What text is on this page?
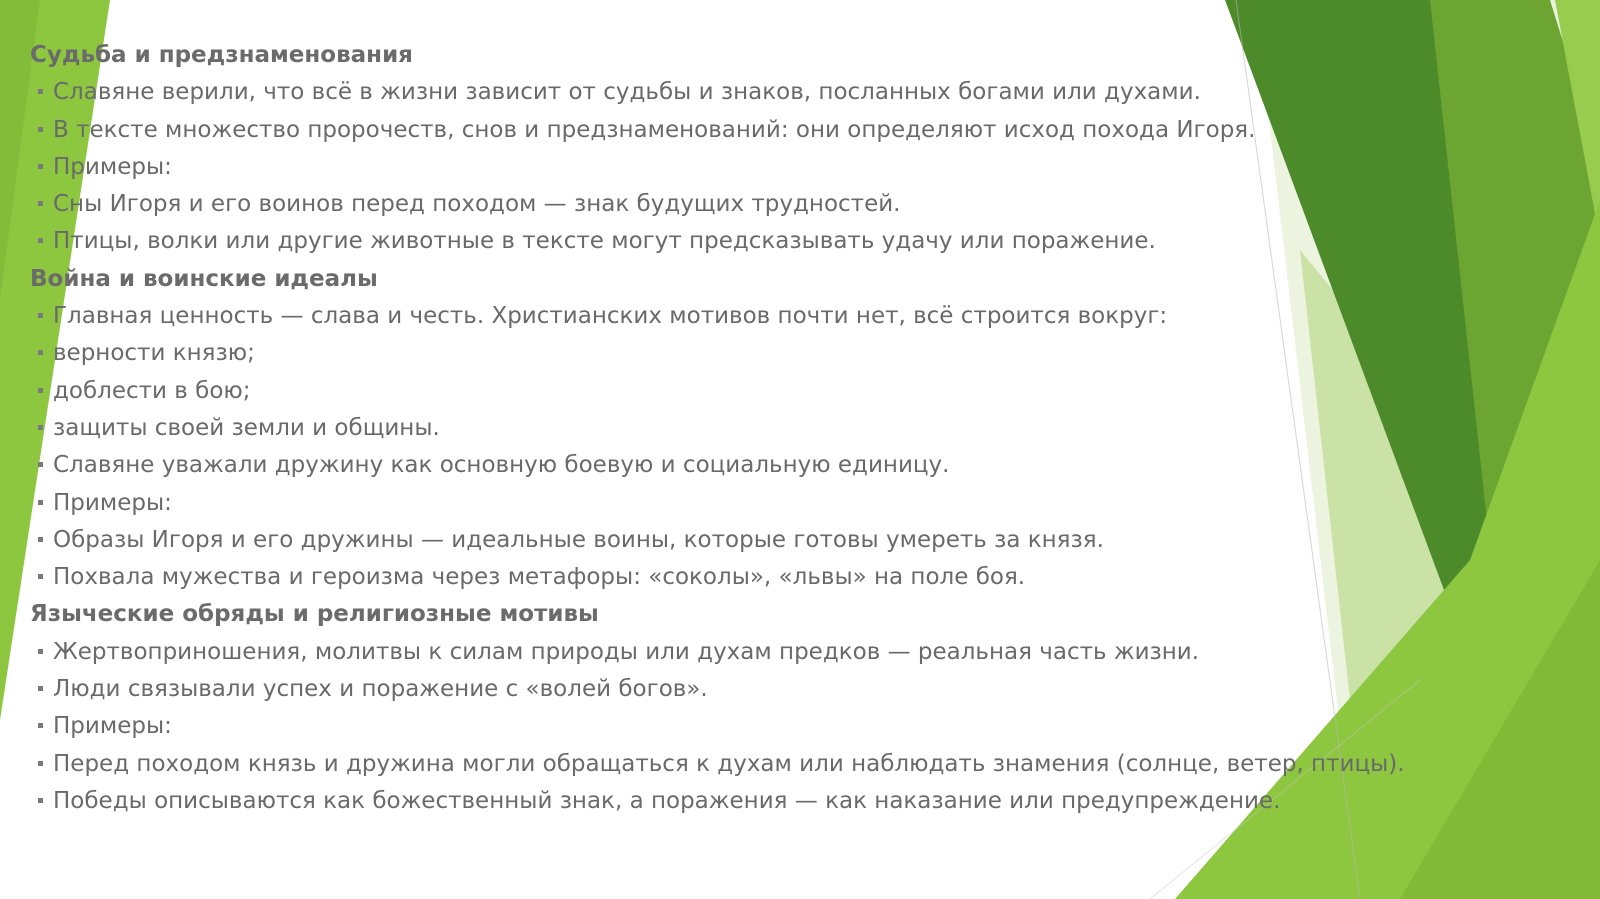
Судьба и предзнаменования
Славяне верили, что всё в жизни зависит от судьбы и знаков, посланных богами или духами.
В тексте множество пророчеств, снов и предзнаменований: они определяют исход похода Игоря.
Примеры:
Сны Игоря и его воинов перед походом — знак будущих трудностей.
Птицы, волки или другие животные в тексте могут предсказывать удачу или поражение.
Война и воинские идеалы
Главная ценность — слава и честь. Христианских мотивов почти нет, всё строится вокруг:
верности князю;
доблести в бою;
защиты своей земли и общины.
Славяне уважали дружину как основную боевую и социальную единицу.
Примеры:
Образы Игоря и его дружины — идеальные воины, которые готовы умереть за князя.
Похвала мужества и героизма через метафоры: «соколы», «львы» на поле боя.
Языческие обряды и религиозные мотивы
Жертвоприношения, молитвы к силам природы или духам предков — реальная часть жизни.
Люди связывали успех и поражение с «волей богов».
Примеры:
Перед походом князь и дружина могли обращаться к духам или наблюдать знамения (солнце, ветер, птицы).
Победы описываются как божественный знак, а поражения — как наказание или предупреждение.
